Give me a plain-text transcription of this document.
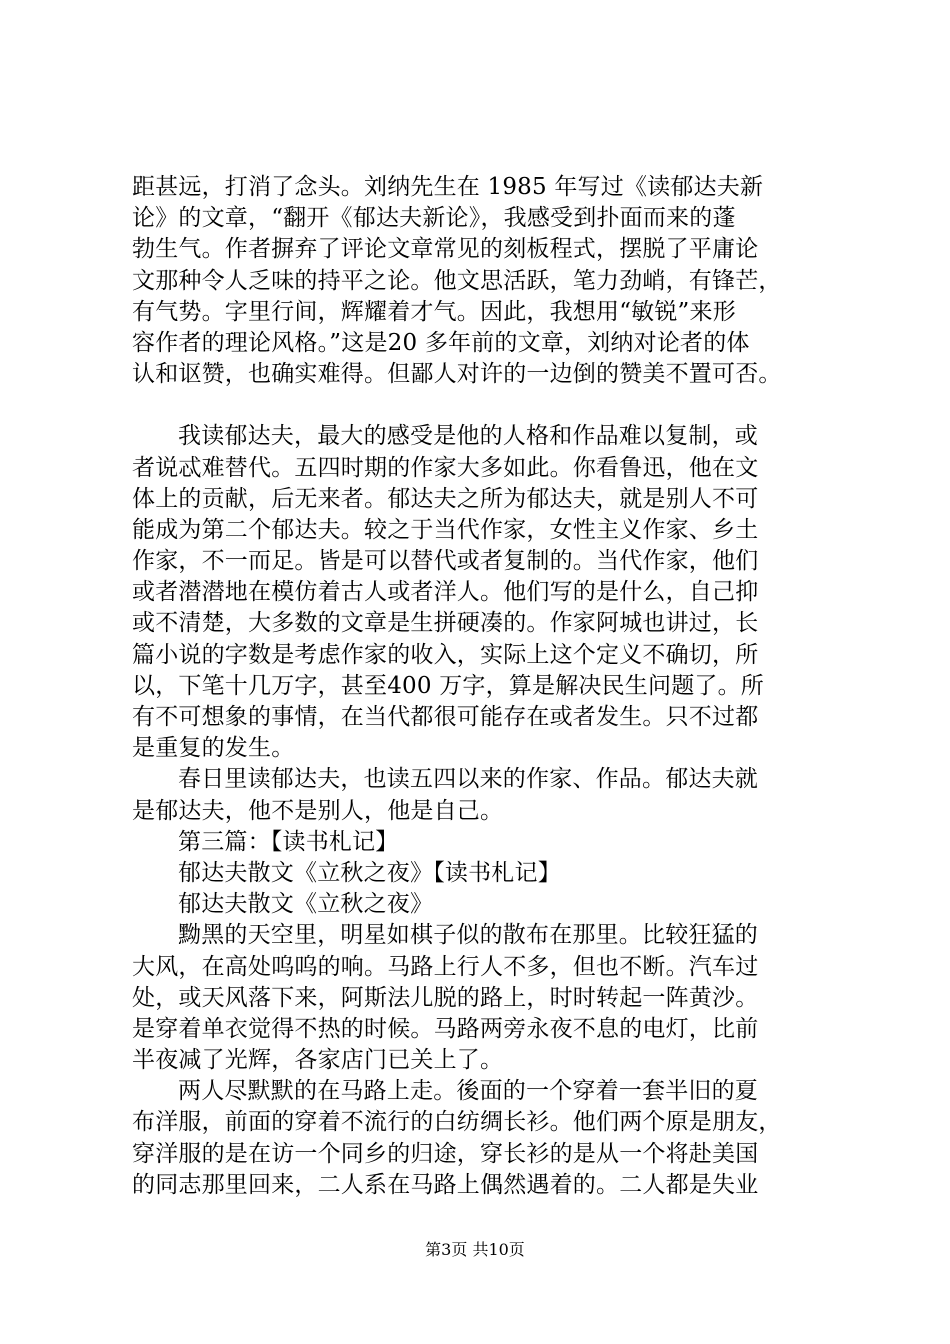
距甚远，打消了念头。刘纳先生在 1985 年写过《读郁达夫新
论》的文章，“翻开《郁达夫新论》，我感受到扑面而来的蓬
勃生气。作者摒弃了评论文章常见的刻板程式，摆脱了平庸论
文那种令人乏味的持平之论。他文思活跃，笔力劲峭，有锋芒，
有气势。字里行间，辉耀着才气。因此，我想用“敏锐”来形
容作者的理论风格。”这是20 多年前的文章，刘纳对论者的体
认和讴赞，也确实难得。但鄙人对许的一边倒的赞美不置可否。
我读郁达夫，最大的感受是他的人格和作品难以复制，或
者说忒难替代。五四时期的作家大多如此。你看鲁迅，他在文
体上的贡献，后无来者。郁达夫之所为郁达夫，就是别人不可
能成为第二个郁达夫。较之于当代作家，女性主义作家、乡土
作家，不一而足。皆是可以替代或者复制的。当代作家，他们
或者潜潜地在模仿着古人或者洋人。他们写的是什么，自己抑
或不清楚，大多数的文章是生拼硬凑的。作家阿城也讲过，长
篇小说的字数是考虑作家的收入，实际上这个定义不确切，所
以，下笔十几万字，甚至400 万字，算是解决民生问题了。所
有不可想象的事情，在当代都很可能存在或者发生。只不过都
是重复的发生。
春日里读郁达夫，也读五四以来的作家、作品。郁达夫就
是郁达夫，他不是别人，他是自己。
第三篇：【读书札记】
郁达夫散文《立秋之夜》【读书札记】
郁达夫散文《立秋之夜》
黝黑的天空里，明星如棋子似的散布在那里。比较狂猛的
大风，在高处呜呜的响。马路上行人不多，但也不断。汽车过
处，或天风落下来，阿斯法儿脱的路上，时时转起一阵黄沙。
是穿着单衣觉得不热的时候。马路两旁永夜不息的电灯，比前
半夜减了光辉，各家店门已关上了。
两人尽默默的在马路上走。後面的一个穿着一套半旧的夏
布洋服，前面的穿着不流行的白纺绸长衫。他们两个原是朋友，
穿洋服的是在访一个同乡的归途，穿长衫的是从一个将赴美国
的同志那里回来，二人系在马路上偶然遇着的。二人都是失业
第3页 共10页
